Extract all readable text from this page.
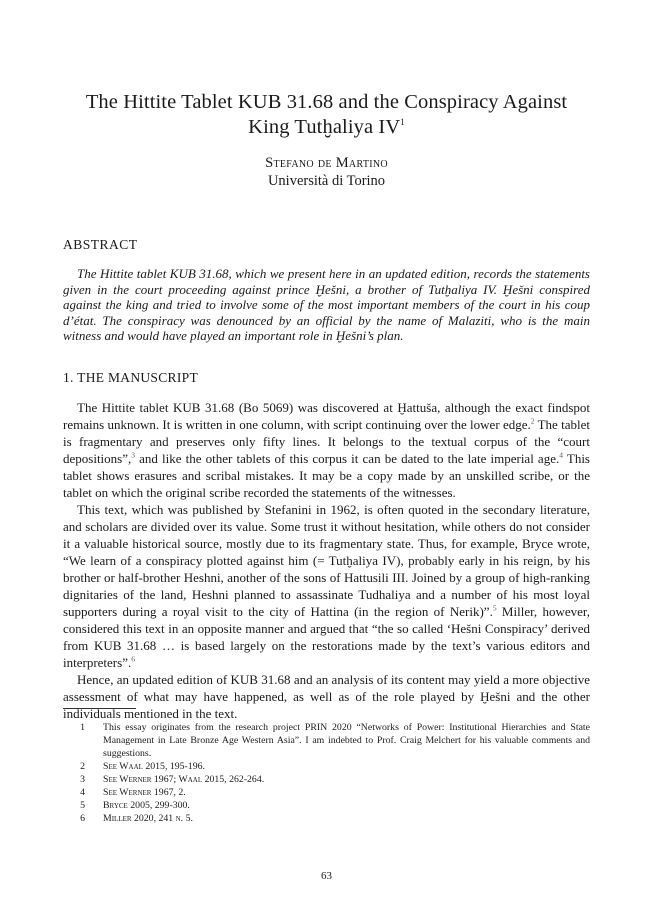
The Hittite Tablet KUB 31.68 and the Conspiracy Against King Tutḫaliya $IV^1$
Stefano de Martino
Università di Torino
ABSTRACT

The Hittite tablet KUB 31.68, which we present here in an updated edition, records the statements given in the court proceeding against prince Ḫešni, a brother of Tutḫaliya IV. Ḫešni conspired against the king and tried to involve some of the most important members of the court in his coup d’état. The conspiracy was denounced by an official by the name of Malaziti, who is the main witness and would have played an important role in Ḫešni’s plan.

1. THE MANUSCRIPT

The Hittite tablet KUB 31.68 (Bo 5069) was discovered at Ḫattuša, although the exact findspot remains unknown. It is written in one column, with script continuing over the lower edge.$^2$ The tablet is fragmentary and preserves only fifty lines. It belongs to the textual corpus of the “court depositions”,$^3$ and like the other tablets of this corpus it can be dated to the late imperial age.$^4$ This tablet shows erasures and scribal mistakes. It may be a copy made by an unskilled scribe, or the tablet on which the original scribe recorded the statements of the witnesses.

This text, which was published by Stefanini in 1962, is often quoted in the secondary literature, and scholars are divided over its value. Some trust it without hesitation, while others do not consider it a valuable historical source, mostly due to its fragmentary state. Thus, for example, Bryce wrote, “We learn of a conspiracy plotted against him (= Tutḫaliya IV), probably early in his reign, by his brother or half-brother Heshni, another of the sons of Hattusili III. Joined by a group of high-ranking dignitaries of the land, Heshni planned to assassinate Tudhaliya and a number of his most loyal supporters during a royal visit to the city of Hattina (in the region of Nerik)”.$^5$ Miller, however, considered this text in an opposite manner and argued that “the so called ‘Hešni Conspiracy’ derived from KUB 31.68 … is based largely on the restorations made by the text’s various editors and interpreters”.$^6$

Hence, an updated edition of KUB 31.68 and an analysis of its content may yield a more objective assessment of what may have happened, as well as of the role played by Ḫešni and the other individuals mentioned in the text.

1	This essay originates from the research project PRIN 2020 “Networks of Power: Institutional Hierarchies and State Management in Late Bronze Age Western Asia”. I am indebted to Prof. Craig Melchert for his valuable comments and suggestions.
2	See Waal 2015, 195-196.
3	See Werner 1967; Waal 2015, 262-264.
4	See Werner 1967, 2.
5	Bryce 2005, 299-300.
6	Miller 2020, 241 n. 5.
63
